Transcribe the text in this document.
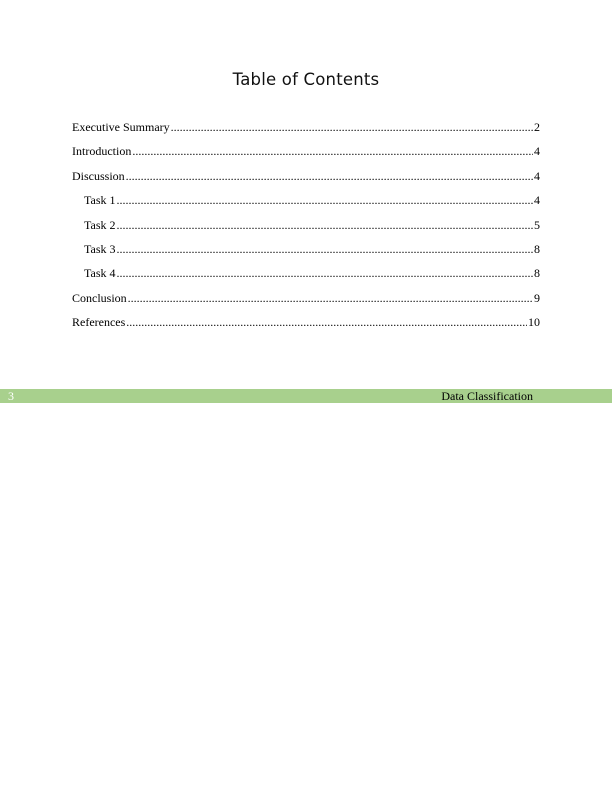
Table of Contents
Executive Summary .....	2
Introduction .....	4
Discussion .....	4
Task 1 .....	4
Task 2 .....	5
Task 3 .....	8
Task 4 .....	8
Conclusion .....	9
References .....	10
3	Data Classification
